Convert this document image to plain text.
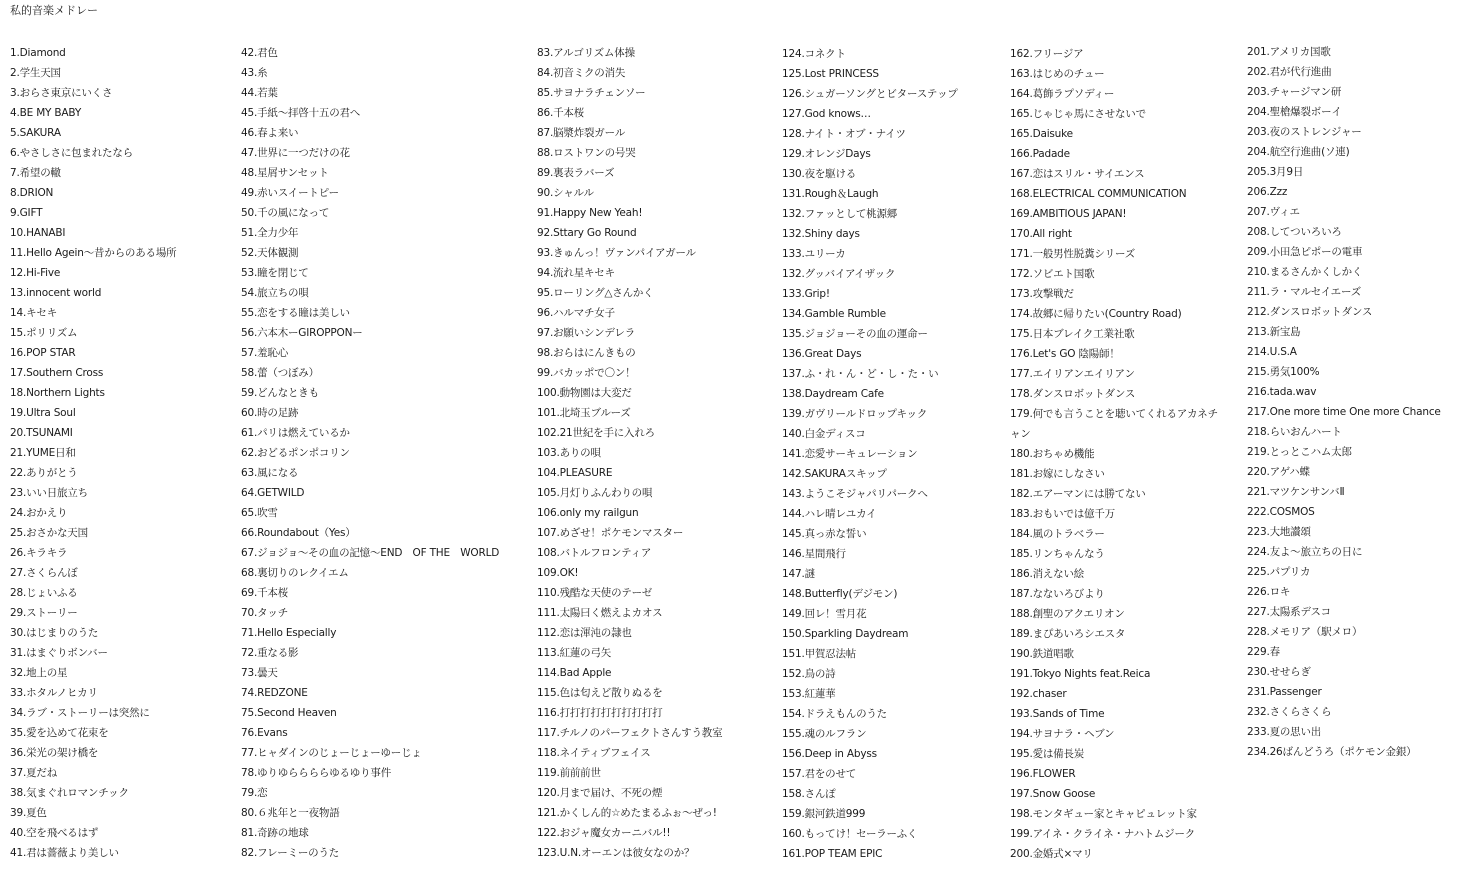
私的音楽メドレー
1.Diamond
2.学生天国
3.おらさ東京にいくさ
4.BE MY BABY
5.SAKURA
6.やさしさに包まれたなら
7.希望の轍
8.DRION
9.GIFT
10.HANABI
11.Hello Agein～昔からのある場所
12.Hi-Five
13.innocent world
14.キセキ
15.ポリリズム
16.POP STAR
17.Southern Cross
18.Northern Lights
19.Ultra Soul
20.TSUNAMI
21.YUME日和
22.ありがとう
23.いい日旅立ち
24.おかえり
25.おさかな天国
26.キラキラ
27.さくらんぼ
28.じょいふる
29.ストーリー
30.はじまりのうた
31.はまぐりボンバー
32.地上の星
33.ホタルノヒカリ
34.ラブ・ストーリーは突然に
35.愛を込めて花束を
36.栄光の架け橋を
37.夏だね
38.気まぐれロマンチック
39.夏色
40.空を飛べるはず
41.君は薔薇より美しい
42.君色
43.糸
44.若葉
45.手紙～拝啓十五の君へ
46.春よ来い
47.世界に一つだけの花
48.星屑サンセット
49.赤いスイートピー
50.千の風になって
51.全力少年
52.天体観測
53.瞳を閉じて
54.旅立ちの唄
55.恋をする瞳は美しい
56.六本木ーGIROPPONー
57.羞恥心
58.蕾（つぼみ）
59.どんなときも
60.時の足跡
61.パリは燃えているか
62.おどるポンポコリン
63.風になる
64.GETWILD
65.吹雪
66.Roundabout（Yes）
67.ジョジョ～その血の記憶～END　OF THE　WORLD
68.裏切りのレクイエム
69.千本桜
70.タッチ
71.Hello Especially
72.重なる影
73.曇天
74.REDZONE
75.Second Heaven
76.Evans
77.ヒャダインのじょーじょーゆーじょ
78.ゆりゆららららゆるゆり事件
79.恋
80.６兆年と一夜物語
81.奇跡の地球
82.フレーミーのうた
83.アルゴリズム体操
84.初音ミクの消失
85.サヨナラチェンソー
86.千本桜
87.脳漿炸裂ガール
88.ロストワンの号哭
89.裏表ラバーズ
90.シャルル
91.Happy New Yeah!
92.Sttary Go Round
93.きゅんっ！ヴァンパイアガール
94.流れ星キセキ
95.ローリング△さんかく
96.ハルマチ女子
97.お願いシンデレラ
98.おらはにんきもの
99.バカッポで〇ン！
100.動物園は大変だ
101.北埼玉ブルーズ
102.21世紀を手に入れろ
103.ありの唄
104.PLEASURE
105.月灯りふんわりの唄
106.only my railgun
107.めざせ！ポケモンマスター
108.バトルフロンティア
109.OK!
110.残酷な天使のテーゼ
111.太陽曰く燃えよカオス
112.恋は渾沌の隷也
113.紅蓮の弓矢
114.Bad Apple
115.色は匂えど散りぬるを
116.打打打打打打打打打打
117.チルノのパーフェクトさんすう教室
118.ネイティブフェイス
119.前前前世
120.月まで届け、不死の煙
121.かくしん的☆めたまるふぉ～ぜっ!
122.おジャ魔女カーニバル!!
123.U.N.オーエンは彼女なのか？
124.コネクト
125.Lost PRINCESS
126.シュガーソングとビターステップ
127.God knows…
128.ナイト・オブ・ナイツ
129.オレンジDays
130.夜を駆ける
131.Rough＆Laugh
132.ファッとして桃源郷
132.Shiny days
133.ユリーカ
132.グッバイアイザック
133.Grip!
134.Gamble Rumble
135.ジョジョーその血の運命ー
136.Great Days
137.ふ・れ・ん・ど・し・た・い
138.Daydream Cafe
139.ガヴリールドロップキック
140.白金ディスコ
141.恋愛サーキュレーション
142.SAKURAスキップ
143.ようこそジャパリパークへ
144.ハレ晴レユカイ
145.真っ赤な誓い
146.星間飛行
147.謎
148.Butterfly(デジモン)
149.回レ！雪月花
150.Sparkling Daydream
151.甲賀忍法帖
152.鳥の詩
153.紅蓮華
154.ドラえもんのうた
155.魂のルフラン
156.Deep in Abyss
157.君をのせて
158.さんぽ
159.銀河鉄道999
160.もってけ！セーラーふく
161.POP TEAM EPIC
162.フリージア
163.はじめのチュー
164.葛飾ラプソディー
165.じゃじゃ馬にさせないで
165.Daisuke
166.Padade
167.恋はスリル・サイエンス
168.ELECTRICAL COMMUNICATION
169.AMBITIOUS JAPAN!
170.All right
171.一般男性脱糞シリーズ
172.ソビエト国歌
173.攻撃戦だ
174.故郷に帰りたい(Country Road)
175.日本ブレイク工業社歌
176.Let's GO 陰陽師！
177.エイリアンエイリアン
178.ダンスロボットダンス
179.何でも言うことを聴いてくれるアカネチャン
180.おちゃめ機能
181.お嫁にしなさい
182.エアーマンには勝てない
183.おもいでは億千万
184.風のトラベラー
185.リンちゃんなう
186.消えない絵
187.なないろびより
188.創聖のアクエリオン
189.まぴあいろシエスタ
190.鉄道唱歌
191.Tokyo Nights feat.Reica
192.chaser
193.Sands of Time
194.サヨナラ・ヘブン
195.愛は備長炭
196.FLOWER
197.Snow Goose
198.モンタギュー家とキャピュレット家
199.アイネ・クライネ・ナハトムジーク
200.金婚式×マリ
201.アメリカ国歌
202.君が代行進曲
203.チャージマン研
204.聖槍爆裂ボーイ
203.夜のストレンジャー
204.航空行進曲(ソ連)
205.3月9日
206.Zzz
207.ヴィエ
208.してついろいろ
209.小田急ピポーの電車
210.まるさんかくしかく
211.ラ・マルセイエーズ
212.ダンスロボットダンス
213.新宝島
214.U.S.A
215.勇気100%
216.tada.wav
217.One more time One more Chance
218.らいおんハート
219.とっとこハム太郎
220.アゲハ蝶
221.マツケンサンバⅡ
222.COSMOS
223.大地讃頌
224.友よ～旅立ちの日に
225.パプリカ
226.ロキ
227.太陽系デスコ
228.メモリア（駅メロ）
229.春
230.せせらぎ
231.Passenger
232.さくらさくら
233.夏の思い出
234.26ばんどうろ（ポケモン金銀）
